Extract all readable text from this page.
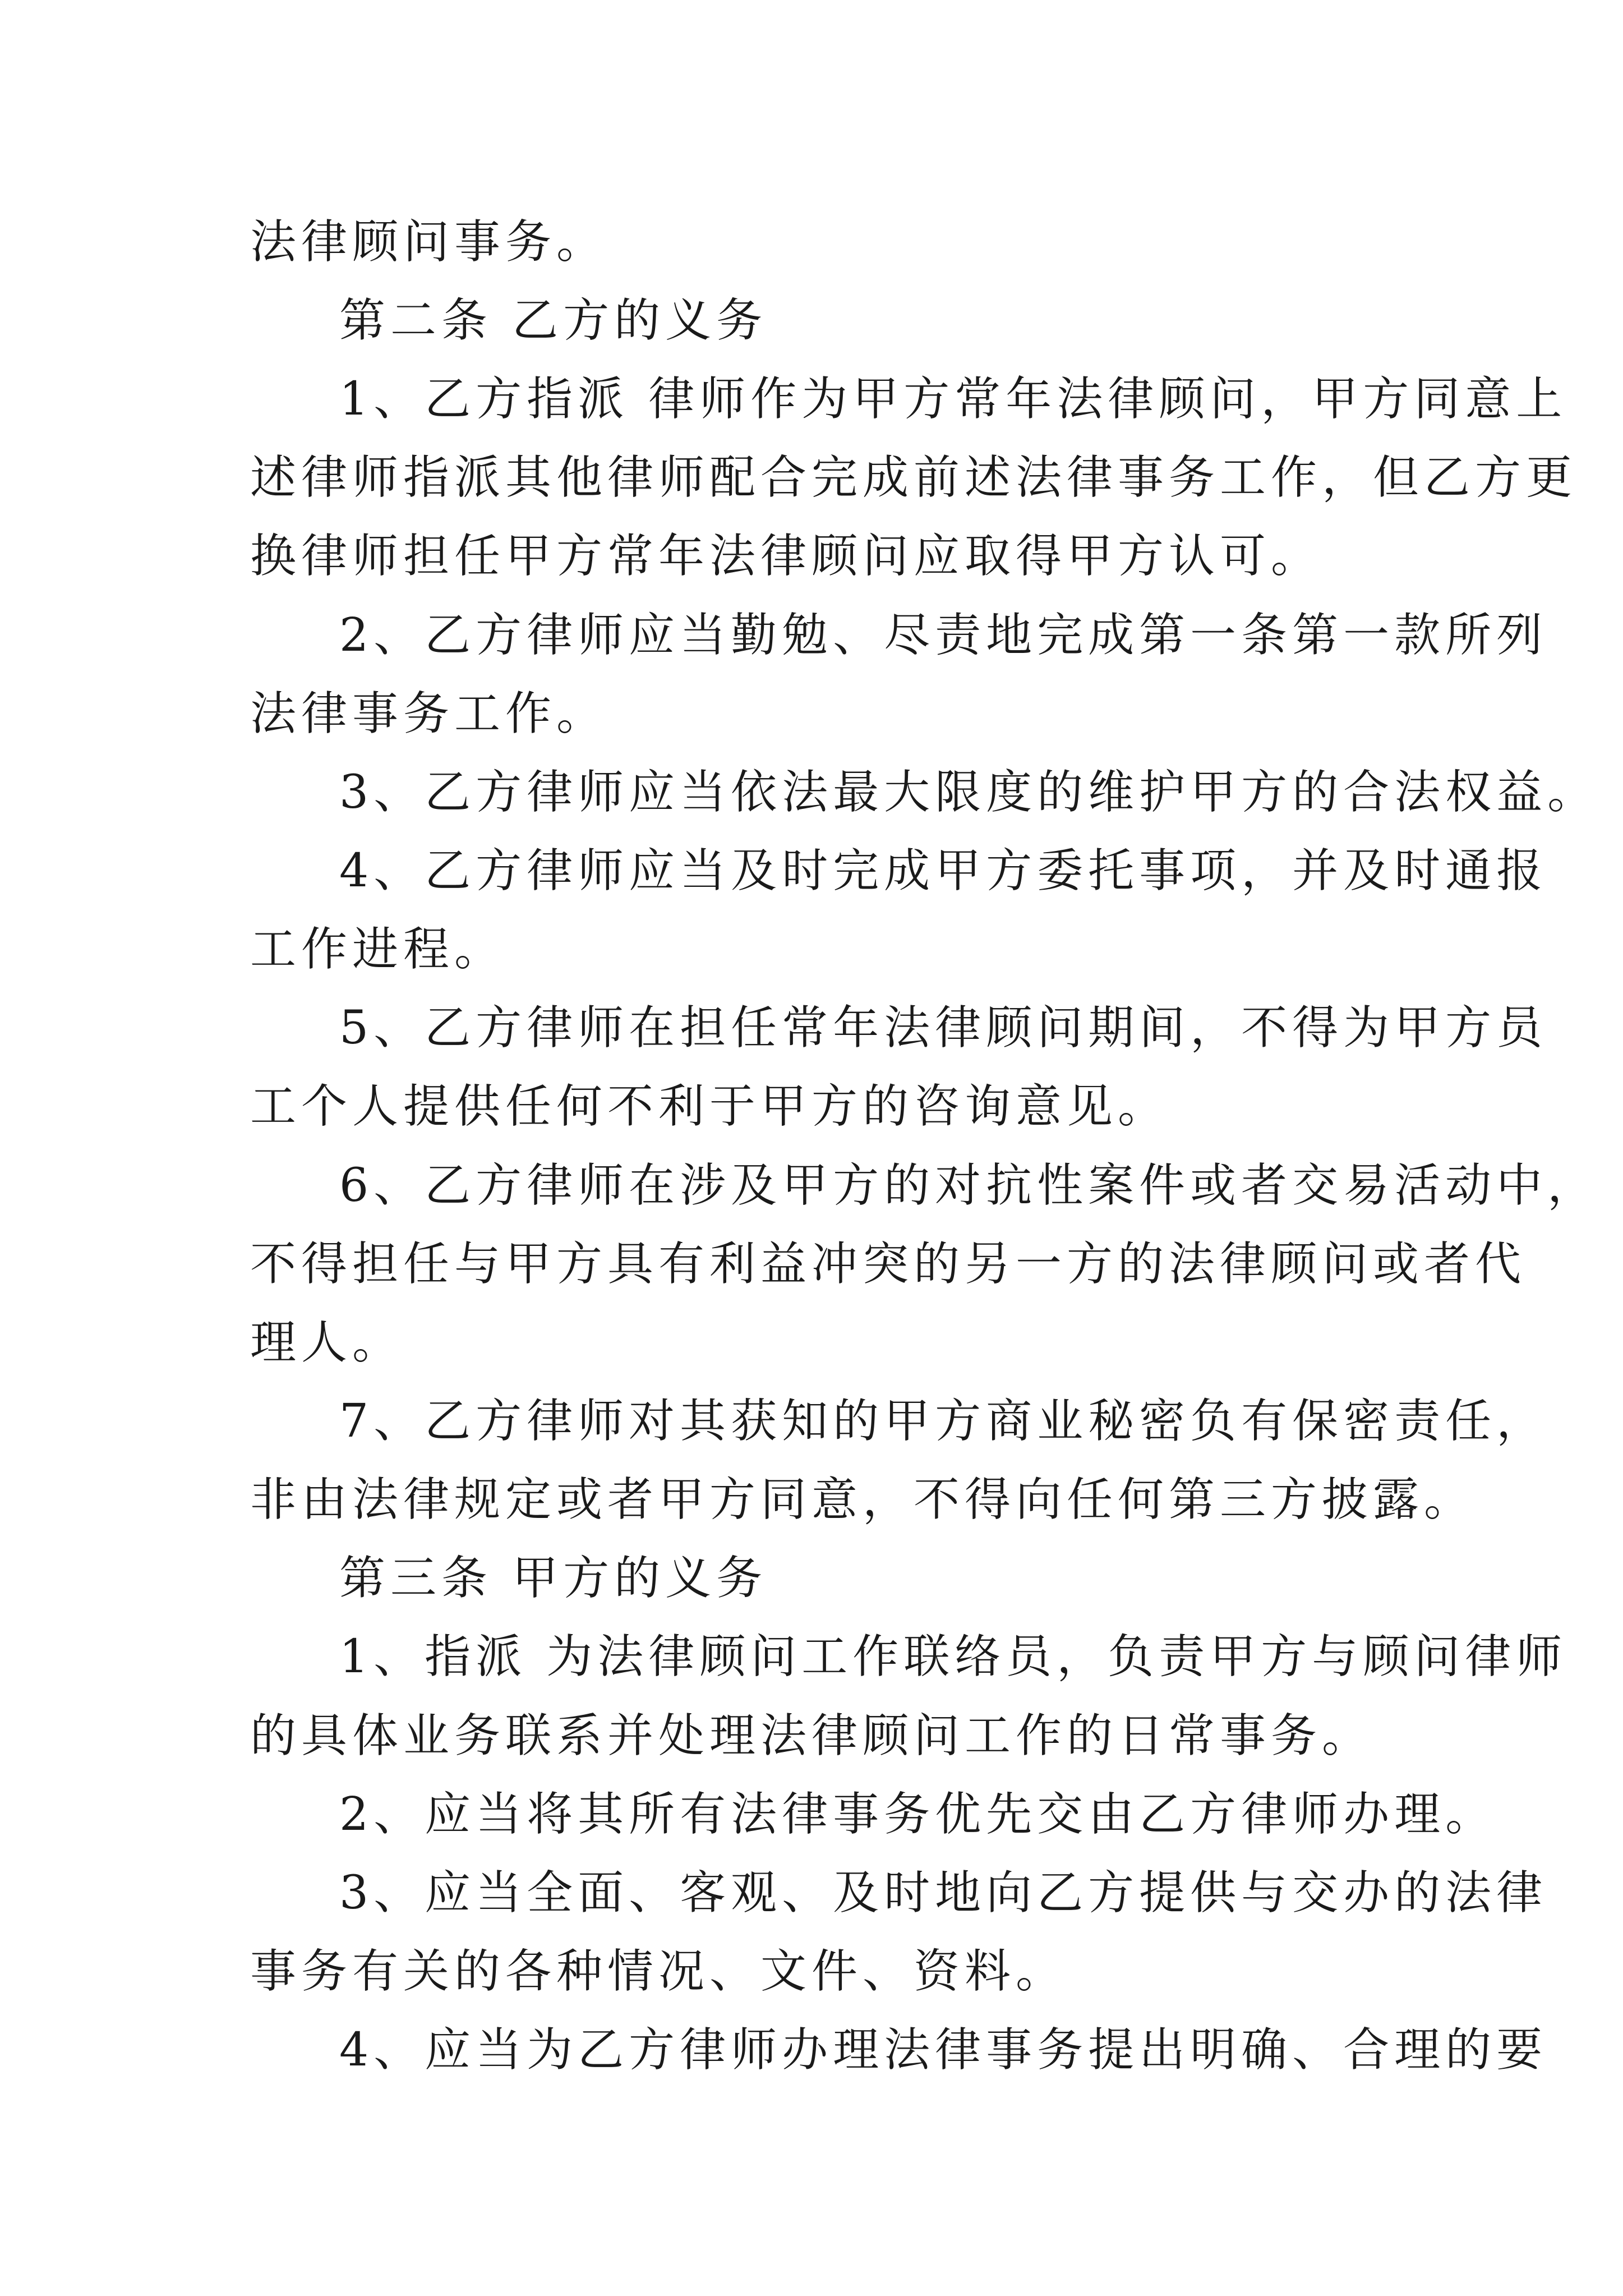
法律顾问事务。
第二条 乙方的义务
1、乙方指派 律师作为甲方常年法律顾问，甲方同意上
述律师指派其他律师配合完成前述法律事务工作，但乙方更
换律师担任甲方常年法律顾问应取得甲方认可。
2、乙方律师应当勤勉、尽责地完成第一条第一款所列
法律事务工作。
3、乙方律师应当依法最大限度的维护甲方的合法权益。
4、乙方律师应当及时完成甲方委托事项，并及时通报
工作进程。
5、乙方律师在担任常年法律顾问期间，不得为甲方员
工个人提供任何不利于甲方的咨询意见。
6、乙方律师在涉及甲方的对抗性案件或者交易活动中，
不得担任与甲方具有利益冲突的另一方的法律顾问或者代
理人。
7、乙方律师对其获知的甲方商业秘密负有保密责任，
非由法律规定或者甲方同意，不得向任何第三方披露。
第三条 甲方的义务
1、指派 为法律顾问工作联络员，负责甲方与顾问律师
的具体业务联系并处理法律顾问工作的日常事务。
2、应当将其所有法律事务优先交由乙方律师办理。
3、应当全面、客观、及时地向乙方提供与交办的法律
事务有关的各种情况、文件、资料。
4、应当为乙方律师办理法律事务提出明确、合理的要
